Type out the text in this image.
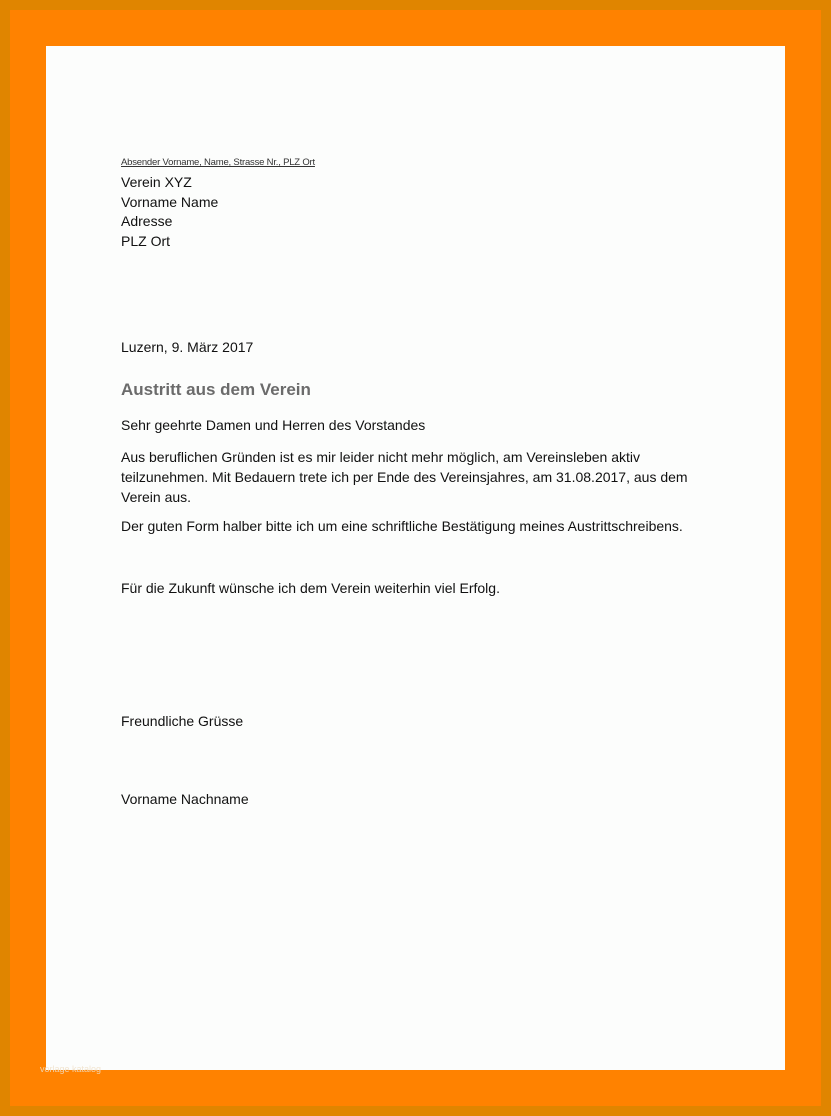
Absender Vorname, Name, Strasse Nr., PLZ Ort
Verein XYZ
Vorname Name
Adresse
PLZ Ort
Luzern, 9. März 2017
Austritt aus dem Verein
Sehr geehrte Damen und Herren des Vorstandes
Aus beruflichen Gründen ist es mir leider nicht mehr möglich, am Vereinsleben aktiv
teilzunehmen. Mit Bedauern trete ich per Ende des Vereinsjahres, am 31.08.2017, aus dem
Verein aus.
Der guten Form halber bitte ich um eine schriftliche Bestätigung meines Austrittschreibens.
Für die Zukunft wünsche ich dem Verein weiterhin viel Erfolg.
Freundliche Grüsse
Vorname Nachname
vorlage katalog
